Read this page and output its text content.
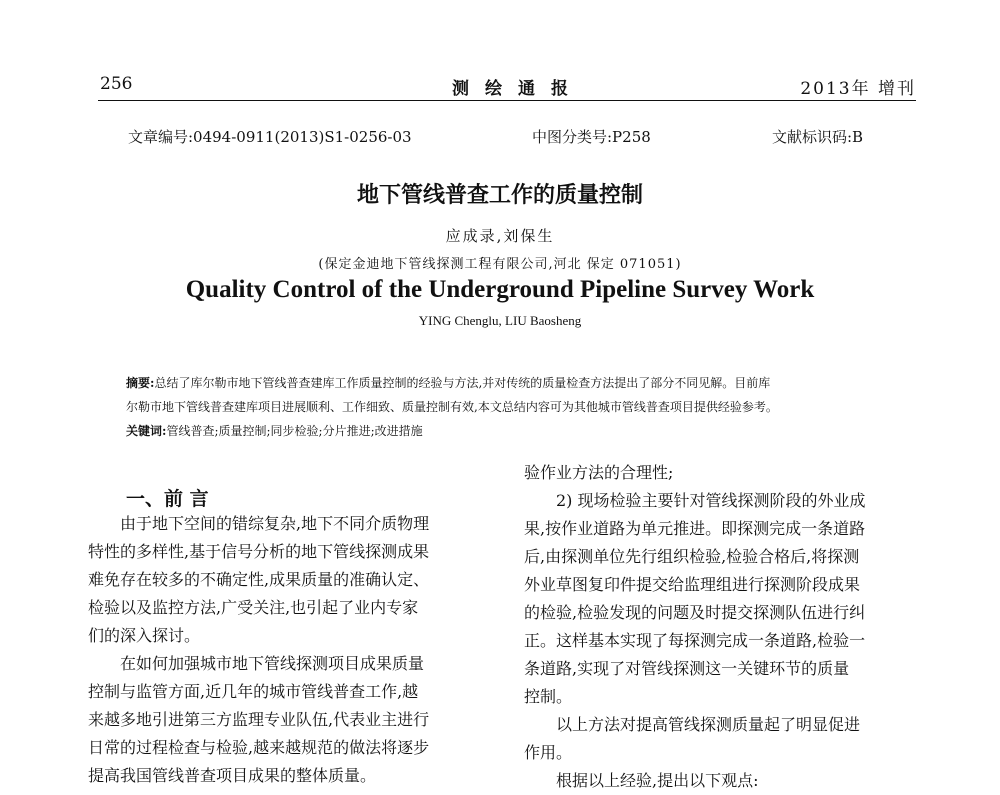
256	测绘通报	2013年 增刊
文章编号:0494-0911(2013)S1-0256-03	中图分类号:P258	文献标识码:B
地下管线普查工作的质量控制
应成录,刘保生
(保定金迪地下管线探测工程有限公司,河北 保定 071051)
Quality Control of the Underground Pipeline Survey Work
YING Chenglu, LIU Baosheng
摘要:总结了库尔勒市地下管线普查建库工作质量控制的经验与方法,并对传统的质量检查方法提出了部分不同见解。目前库
尔勒市地下管线普查建库项目进展顺利、工作细致、质量控制有效,本文总结内容可为其他城市管线普查项目提供经验参考。
关键词:管线普查;质量控制;同步检验;分片推进;改进措施
一、前 言
由于地下空间的错综复杂,地下不同介质物理
特性的多样性,基于信号分析的地下管线探测成果
难免存在较多的不确定性,成果质量的准确认定、
检验以及监控方法,广受关注,也引起了业内专家
们的深入探讨。
在如何加强城市地下管线探测项目成果质量
控制与监管方面,近几年的城市管线普查工作,越
来越多地引进第三方监理专业队伍,代表业主进行
日常的过程检查与检验,越来越规范的做法将逐步
提高我国管线普查项目成果的整体质量。
验作业方法的合理性;
2) 现场检验主要针对管线探测阶段的外业成
果,按作业道路为单元推进。即探测完成一条道路
后,由探测单位先行组织检验,检验合格后,将探测
外业草图复印件提交给监理组进行探测阶段成果
的检验,检验发现的问题及时提交探测队伍进行纠
正。这样基本实现了每探测完成一条道路,检验一
条道路,实现了对管线探测这一关键环节的质量
控制。
以上方法对提高管线探测质量起了明显促进
作用。
根据以上经验,提出以下观点:
